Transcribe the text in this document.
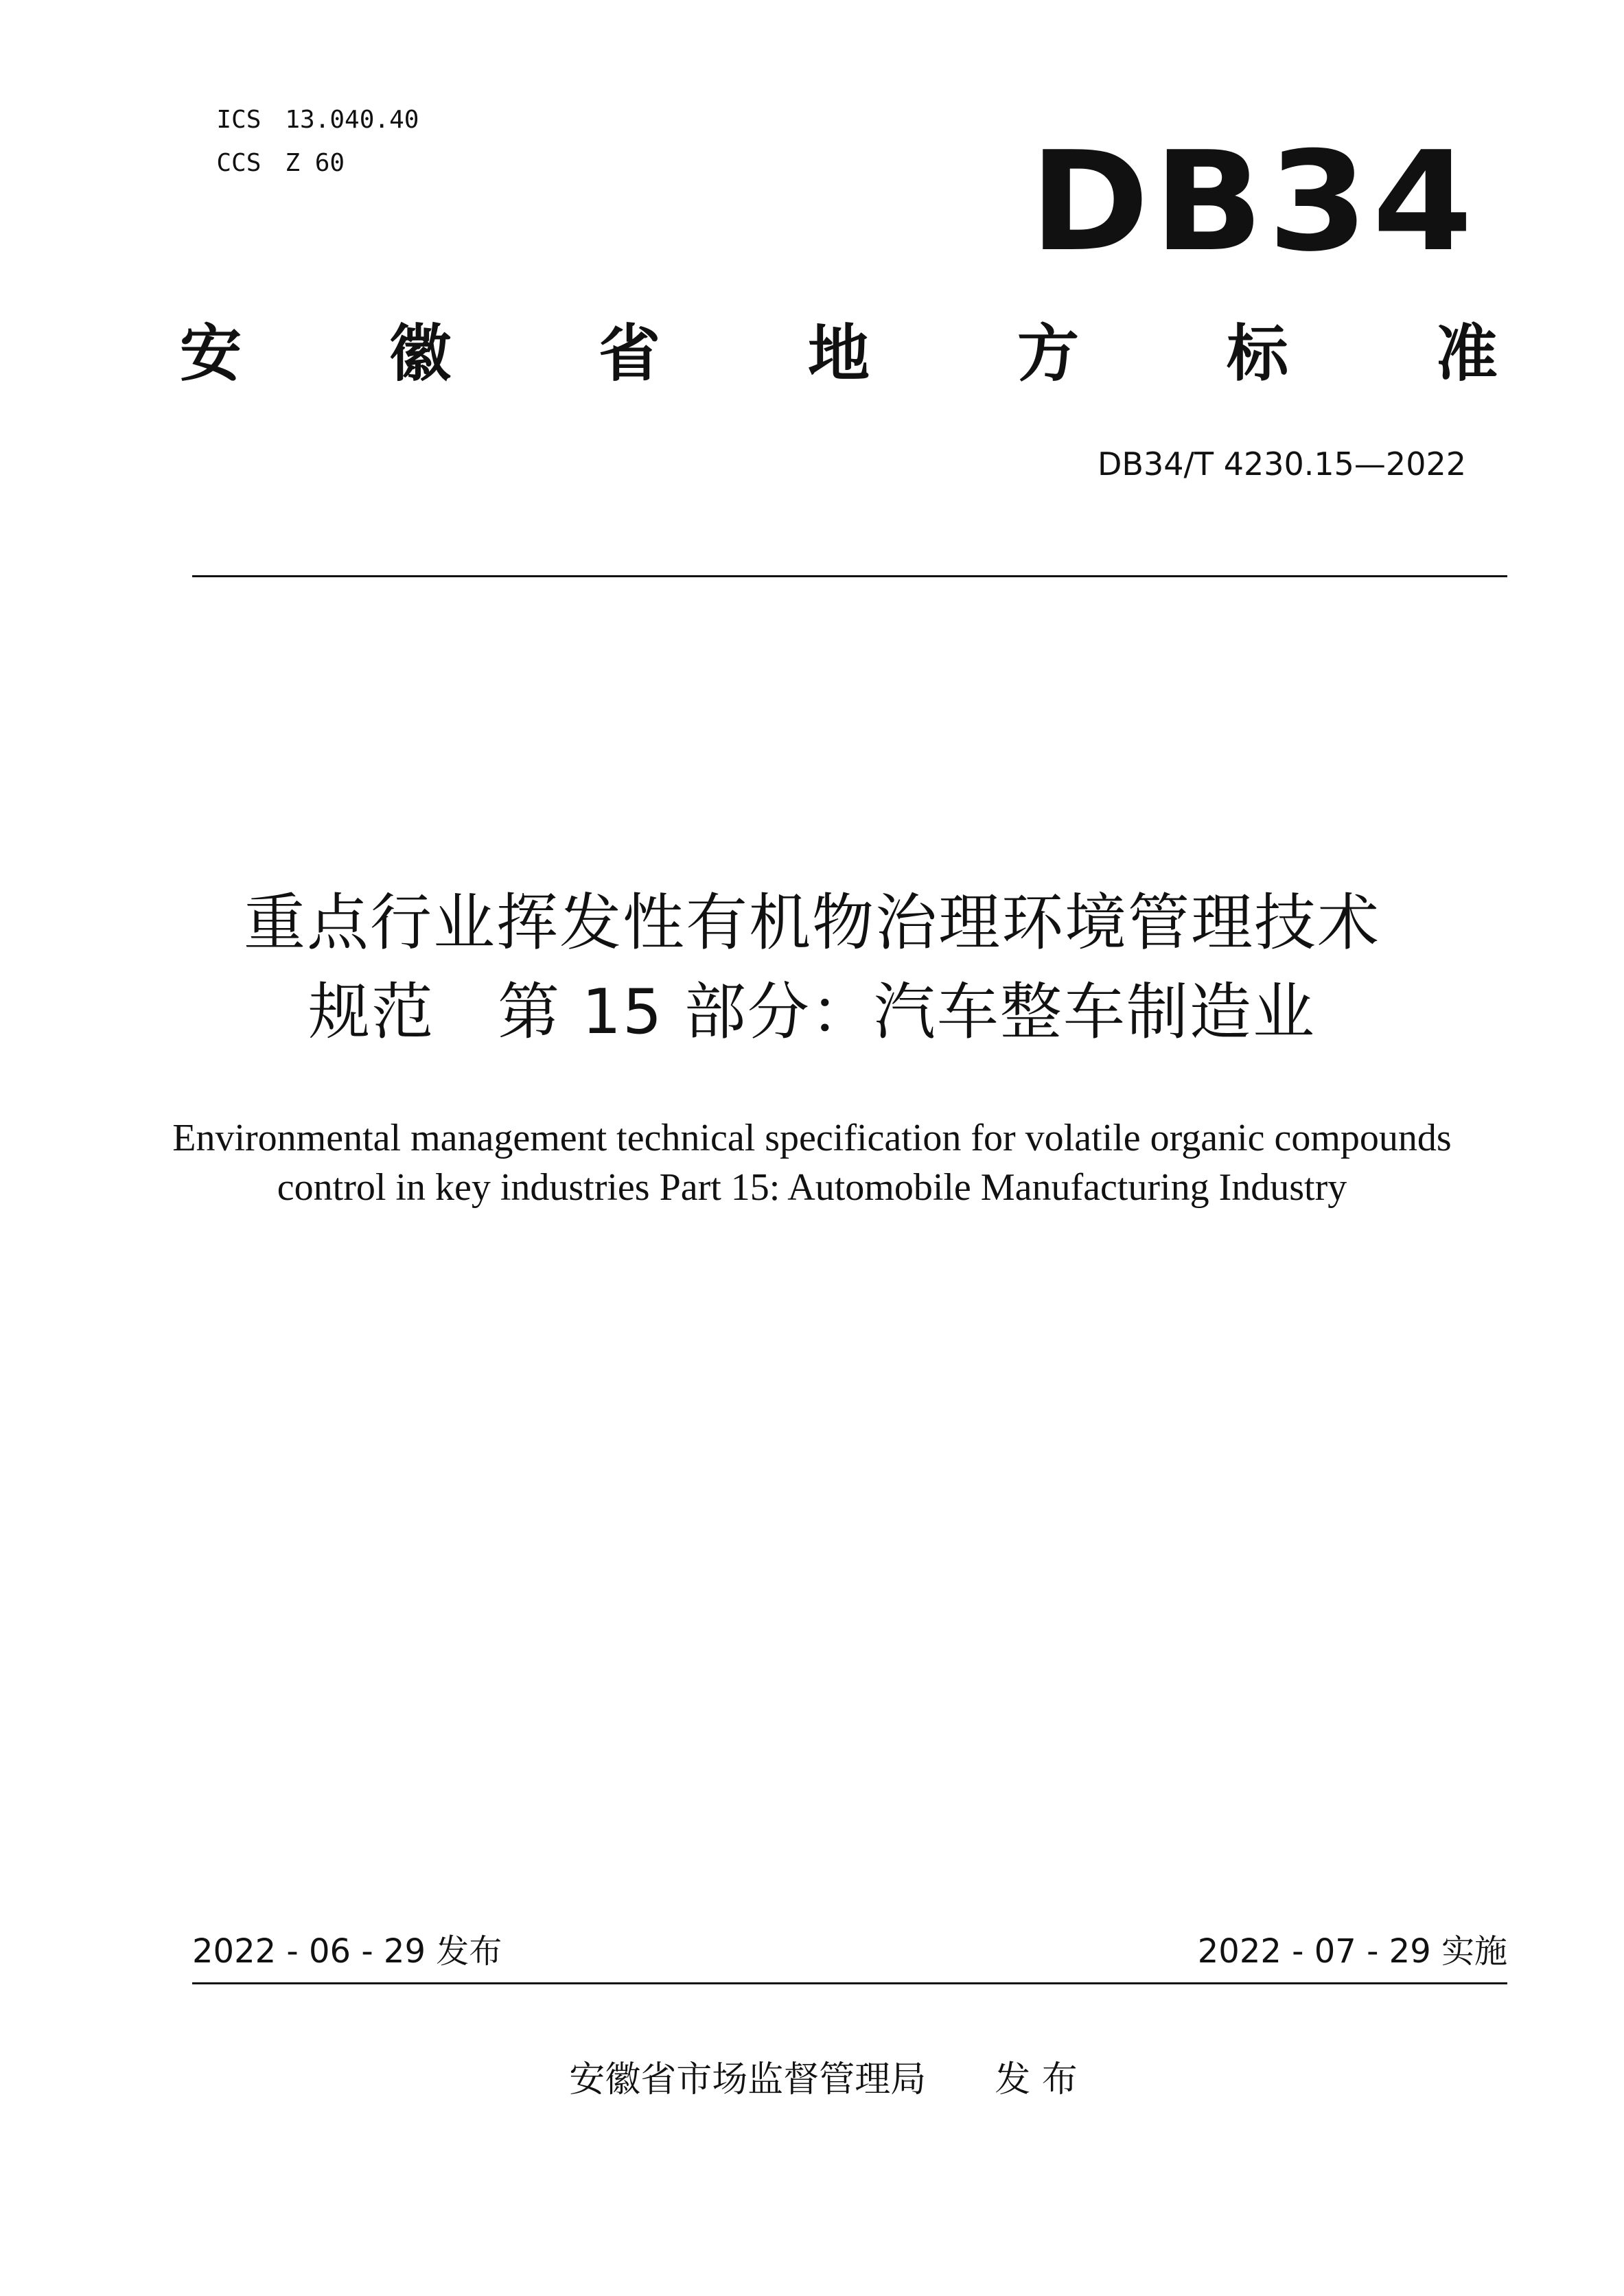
ICS 13.040.40

CCS Z 60	DB34
安 徽 省 地 方 标 准
DB34/T 4230.15—2022
重点行业挥发性有机物治理环境管理技术
规范　第 15 部分：汽车整车制造业
Environmental management technical specification for volatile organic compounds
control in key industries Part 15: Automobile Manufacturing Industry
2022 - 06 - 29 发布	2022 - 07 - 29 实施

安徽省市场监督管理局 发 布
